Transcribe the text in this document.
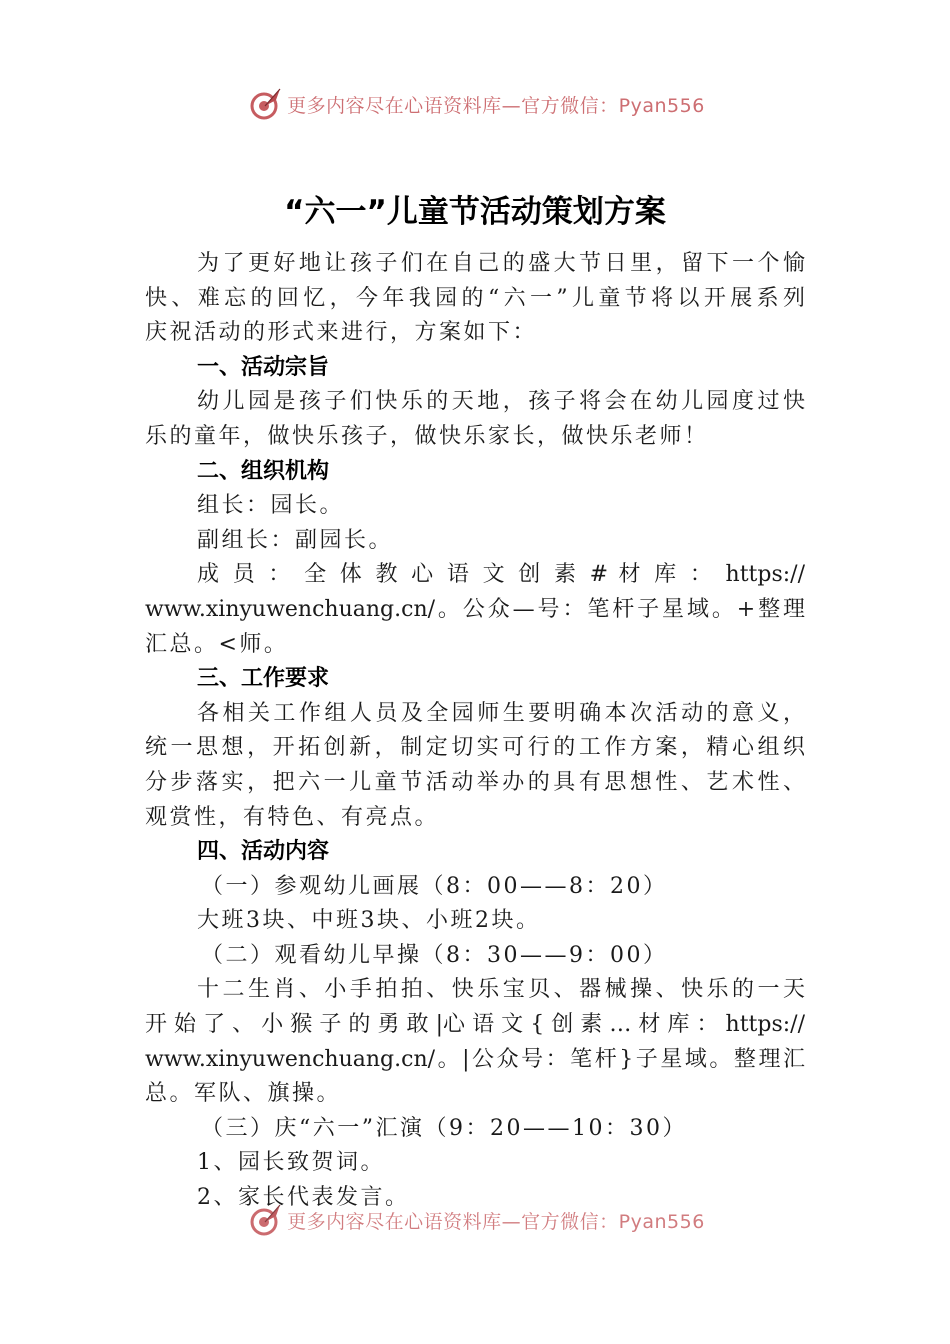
更多内容尽在心语资料库—官方微信：Pyan556
“六一”儿童节活动策划方案
为了更好地让孩子们在自己的盛大节日里，留下一个愉
快、难忘的回忆，今年我园的“六一”儿童节将以开展系列
庆祝活动的形式来进行，方案如下：
一、活动宗旨
幼儿园是孩子们快乐的天地，孩子将会在幼儿园度过快
乐的童年，做快乐孩子，做快乐家长，做快乐老师！
二、组织机构
组长：园长。
副组长：副园长。
成 员 ： 全 体 教 心 语 文 创 素 # 材 库 ： https://
www.xinyuwenchuang.cn/。公众—号：笔杆子星域。+整理
汇总。<师。
三、工作要求
各相关工作组人员及全园师生要明确本次活动的意义，
统一思想，开拓创新，制定切实可行的工作方案，精心组织
分步落实，把六一儿童节活动举办的具有思想性、艺术性、
观赏性，有特色、有亮点。
四、活动内容
（一）参观幼儿画展（8：00——8：20）
大班3块、中班3块、小班2块。
（二）观看幼儿早操（8：30——9：00）
十二生肖、小手拍拍、快乐宝贝、器械操、快乐的一天
开 始 了 、 小 猴 子 的 勇 敢 |心 语 文 { 创 素 … 材 库 ： https://
www.xinyuwenchuang.cn/。|公众号：笔杆}子星域。整理汇
总。军队、旗操。
（三）庆“六一”汇演（9：20——10：30）
1、园长致贺词。
2、家长代表发言。
更多内容尽在心语资料库—官方微信：Pyan556
